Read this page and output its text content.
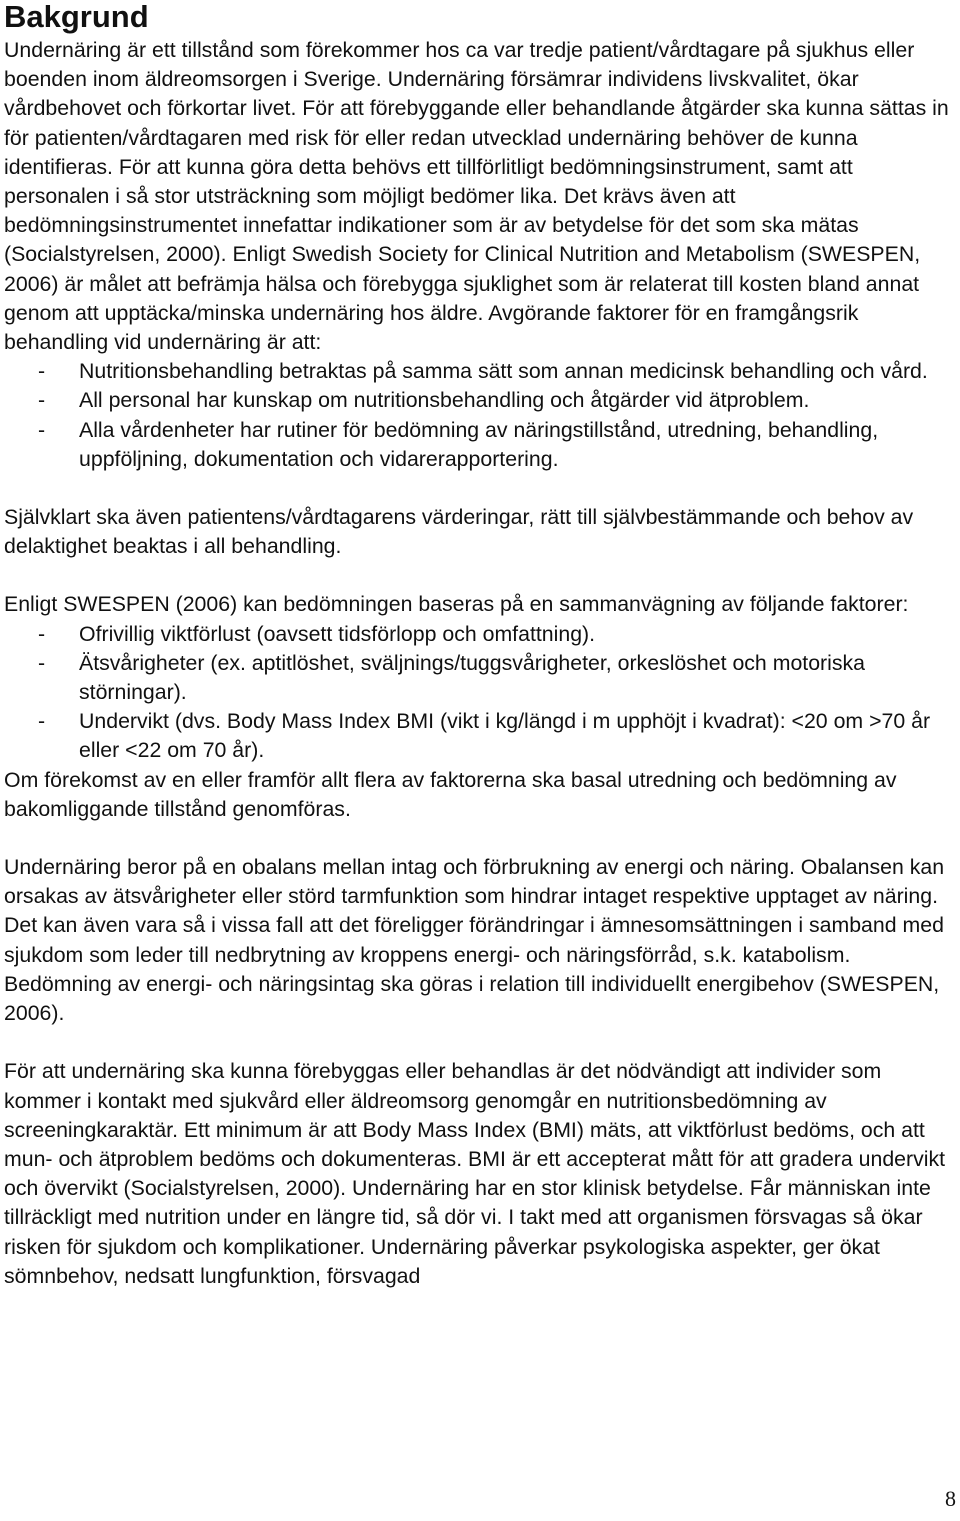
Bakgrund

Undernäring är ett tillstånd som förekommer hos ca var tredje patient/vårdtagare på sjukhus eller boenden inom äldreomsorgen i Sverige. Undernäring försämrar individens livskvalitet, ökar vårdbehovet och förkortar livet. För att förebyggande eller behandlande åtgärder ska kunna sättas in för patienten/vårdtagaren med risk för eller redan utvecklad undernäring behöver de kunna identifieras. För att kunna göra detta behövs ett tillförlitligt bedömningsinstrument, samt att personalen i så stor utsträckning som möjligt bedömer lika. Det krävs även att bedömningsinstrumentet innefattar indikationer som är av betydelse för det som ska mätas (Socialstyrelsen, 2000). Enligt Swedish Society for Clinical Nutrition and Metabolism (SWESPEN, 2006) är målet att befrämja hälsa och förebygga sjuklighet som är relaterat till kosten bland annat genom att upptäcka/minska undernäring hos äldre. Avgörande faktorer för en framgångsrik behandling vid undernäring är att:

- Nutritionsbehandling betraktas på samma sätt som annan medicinsk behandling och vård.
- All personal har kunskap om nutritionsbehandling och åtgärder vid ätproblem.
- Alla vårdenheter har rutiner för bedömning av näringstillstånd, utredning, behandling, uppföljning, dokumentation och vidarerapportering.

Självklart ska även patientens/vårdtagarens värderingar, rätt till självbestämmande och behov av delaktighet beaktas i all behandling.

Enligt SWESPEN (2006) kan bedömningen baseras på en sammanvägning av följande faktorer:

- Ofrivillig viktförlust (oavsett tidsförlopp och omfattning).
- Ätsvårigheter (ex. aptitlöshet, sväljnings/tuggsvårigheter, orkeslöshet och motoriska störningar).
- Undervikt (dvs. Body Mass Index BMI (vikt i kg/längd i m upphöjt i kvadrat): <20 om >70 år eller <22 om 70 år).

Om förekomst av en eller framför allt flera av faktorerna ska basal utredning och bedömning av bakomliggande tillstånd genomföras.

Undernäring beror på en obalans mellan intag och förbrukning av energi och näring. Obalansen kan orsakas av ätsvårigheter eller störd tarmfunktion som hindrar intaget respektive upptaget av näring. Det kan även vara så i vissa fall att det föreligger förändringar i ämnesomsättningen i samband med sjukdom som leder till nedbrytning av kroppens energi- och näringsförråd, s.k. katabolism. Bedömning av energi- och näringsintag ska göras i relation till individuellt energibehov (SWESPEN, 2006).

För att undernäring ska kunna förebyggas eller behandlas är det nödvändigt att individer som kommer i kontakt med sjukvård eller äldreomsorg genomgår en nutritionsbedömning av screeningkaraktär. Ett minimum är att Body Mass Index (BMI) mäts, att viktförlust bedöms, och att mun- och ätproblem bedöms och dokumenteras. BMI är ett accepterat mått för att gradera undervikt och övervikt (Socialstyrelsen, 2000). Undernäring har en stor klinisk betydelse. Får människan inte tillräckligt med nutrition under en längre tid, så dör vi. I takt med att organismen försvagas så ökar risken för sjukdom och komplikationer. Undernäring påverkar psykologiska aspekter, ger ökat sömnbehov, nedsatt lungfunktion, försvagad

8
